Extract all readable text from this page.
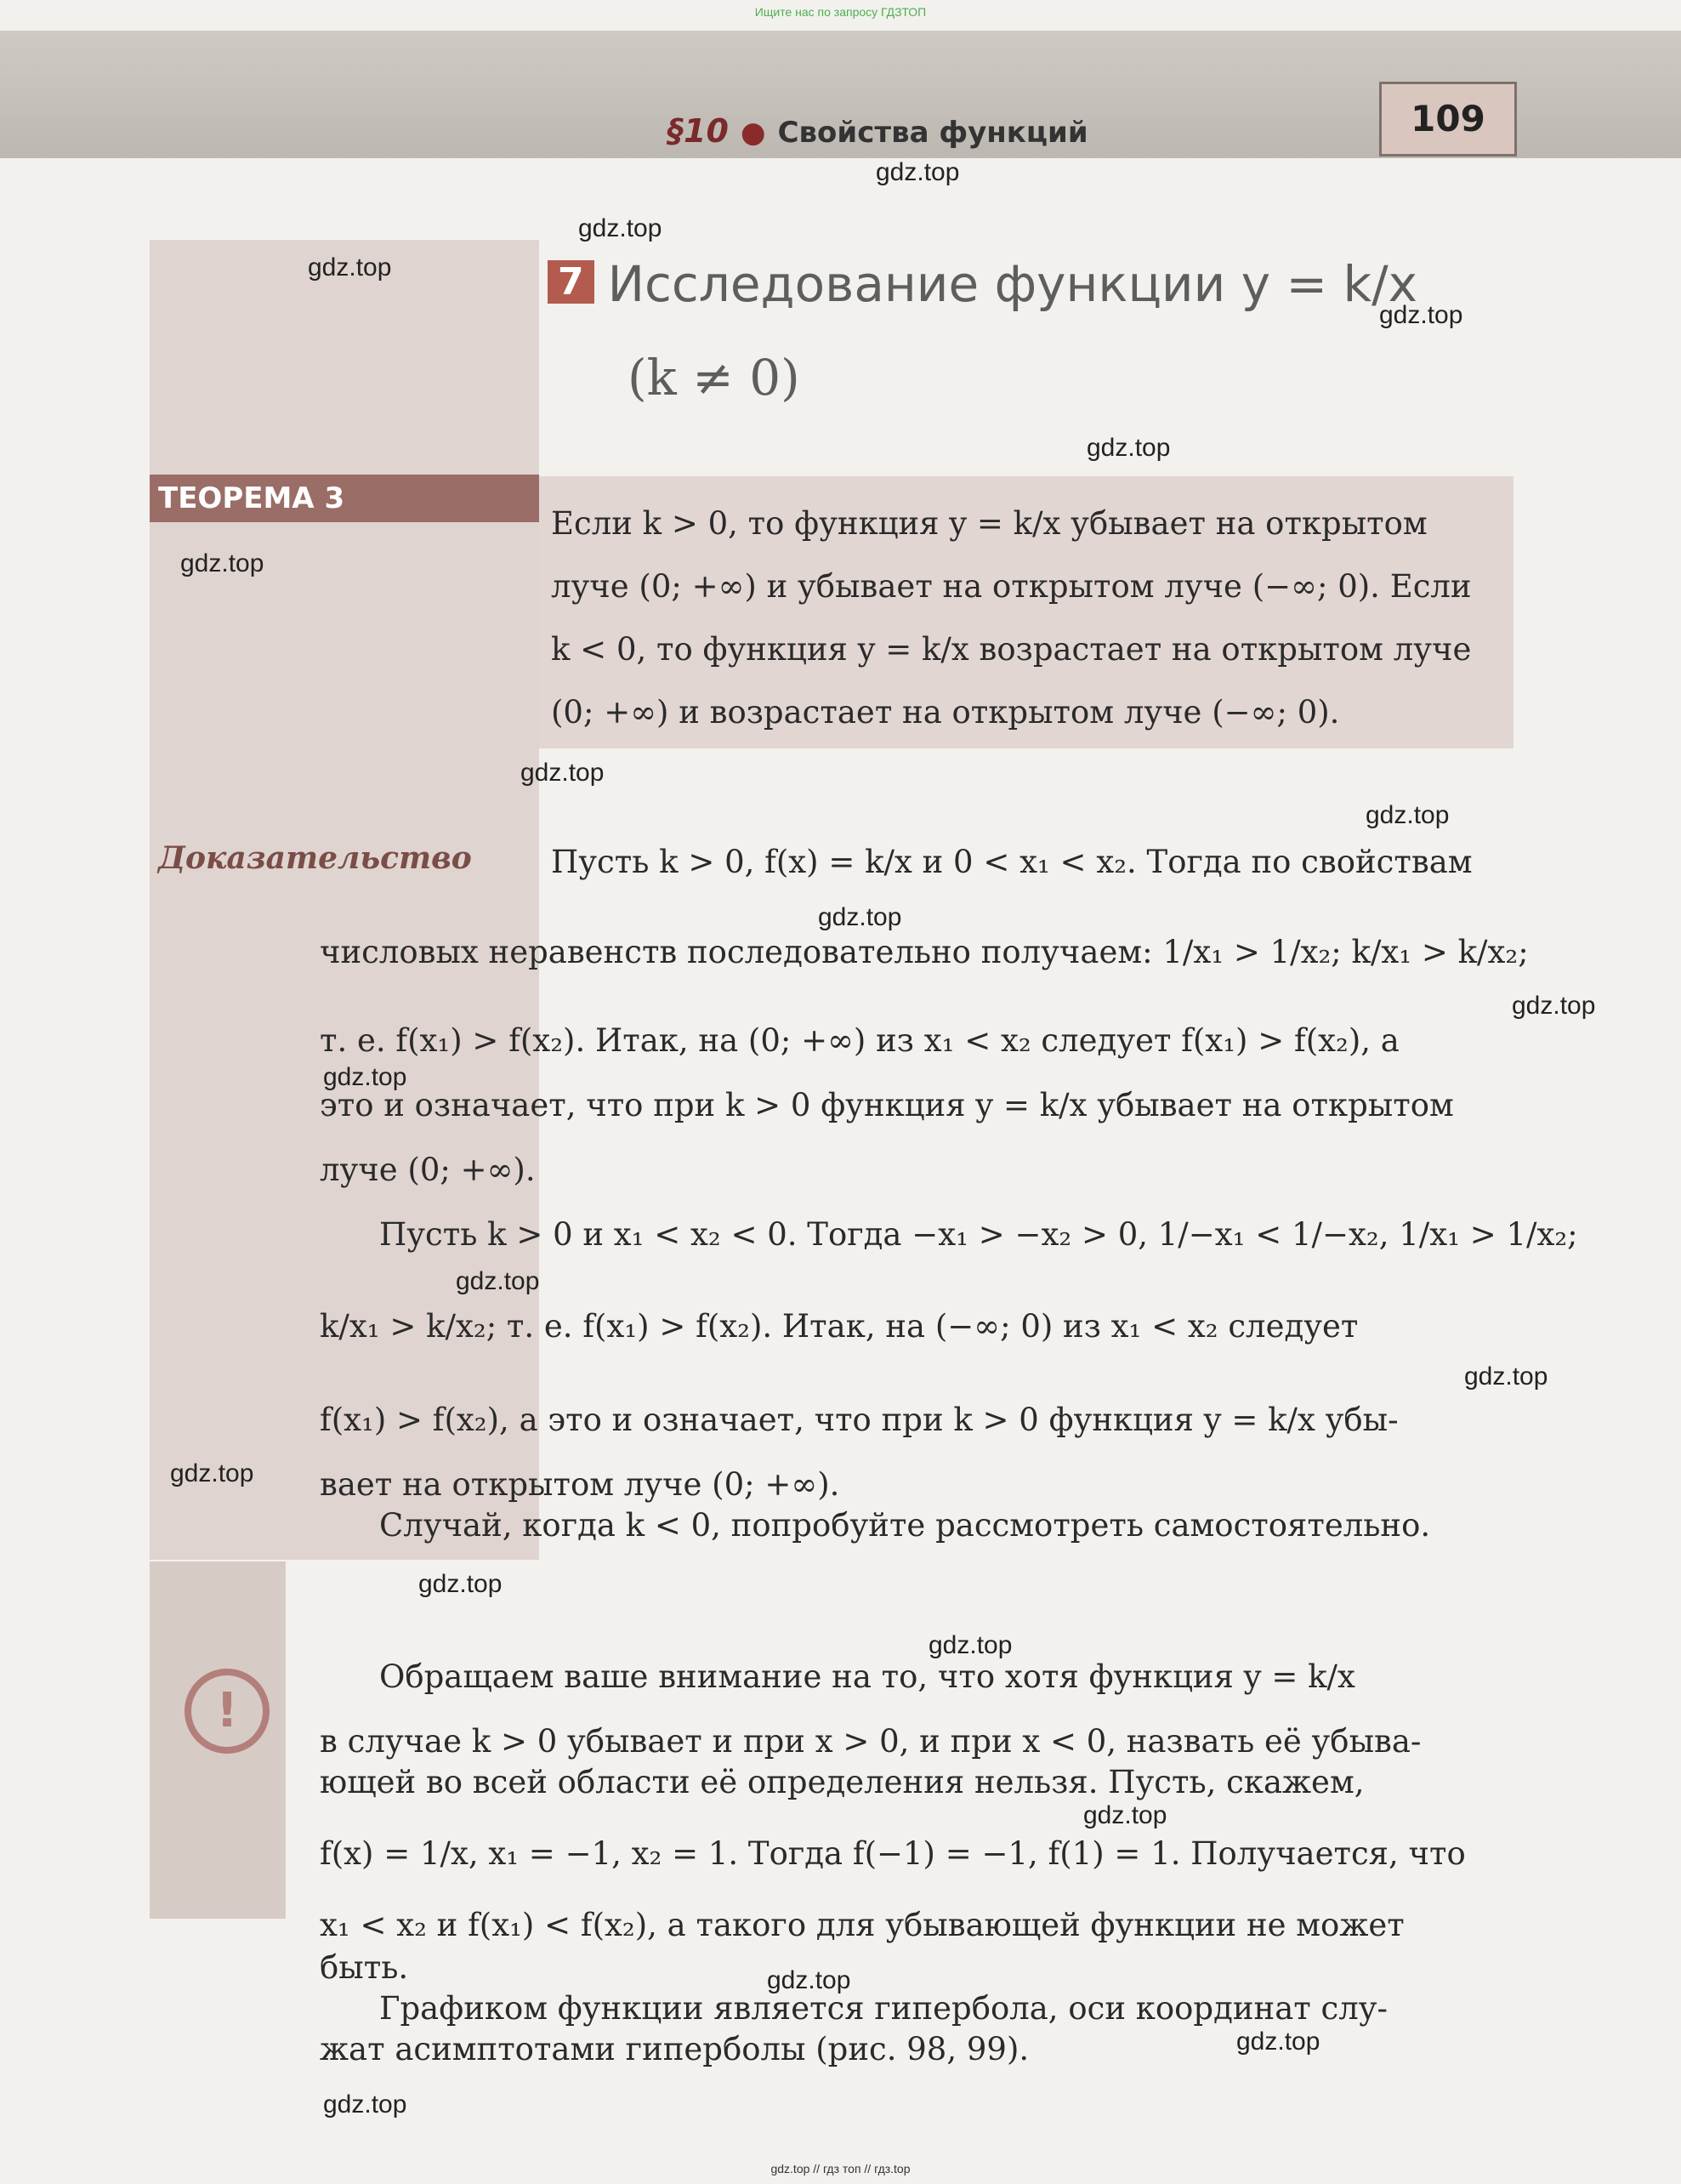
Ищите нас по запросу ГДЗТОП
§10 ● Свойства функций	109
!
7 Исследование функции y = k/x
(k ≠ 0)
ТЕОРЕМА 3
Если k > 0, то функция y = k/x убывает на открытом
луче (0; +∞) и убывает на открытом луче (−∞; 0). Если
k < 0, то функция y = k/x возрастает на открытом луче
(0; +∞) и возрастает на открытом луче (−∞; 0).
Доказательство	Пусть k > 0, f(x) = k/x и 0 < x₁ < x₂. Тогда по свойствам
числовых неравенств последовательно получаем: 1/x₁ > 1/x₂; k/x₁ > k/x₂;
т. е. f(x₁) > f(x₂). Итак, на (0; +∞) из x₁ < x₂ следует f(x₁) > f(x₂), а
это и означает, что при k > 0 функция y = k/x убывает на открытом
луче (0; +∞).
Пусть k > 0 и x₁ < x₂ < 0. Тогда −x₁ > −x₂ > 0, 1/−x₁ < 1/−x₂, 1/x₁ > 1/x₂;
k/x₁ > k/x₂; т. е. f(x₁) > f(x₂). Итак, на (−∞; 0) из x₁ < x₂ следует
f(x₁) > f(x₂), а это и означает, что при k > 0 функция y = k/x убы-
вает на открытом луче (0; +∞).
Случай, когда k < 0, попробуйте рассмотреть самостоятельно.
Обращаем ваше внимание на то, что хотя функция y = k/x
в случае k > 0 убывает и при x > 0, и при x < 0, назвать её убыва-
ющей во всей области её определения нельзя. Пусть, скажем,
f(x) = 1/x, x₁ = −1, x₂ = 1. Тогда f(−1) = −1, f(1) = 1. Получается, что
x₁ < x₂ и f(x₁) < f(x₂), а такого для убывающей функции не может
быть.
Графиком функции является гипербола, оси координат слу-
жат асимптотами гиперболы (рис. 98, 99).
gdz.top
gdz.top
gdz.top
gdz.top
gdz.top
gdz.top
gdz.top
gdz.top
gdz.top
gdz.top
gdz.top
gdz.top
gdz.top
gdz.top
gdz.top
gdz.top
gdz.top
gdz.top
gdz.top
gdz.top
gdz.top // гдз топ // гдз.top
